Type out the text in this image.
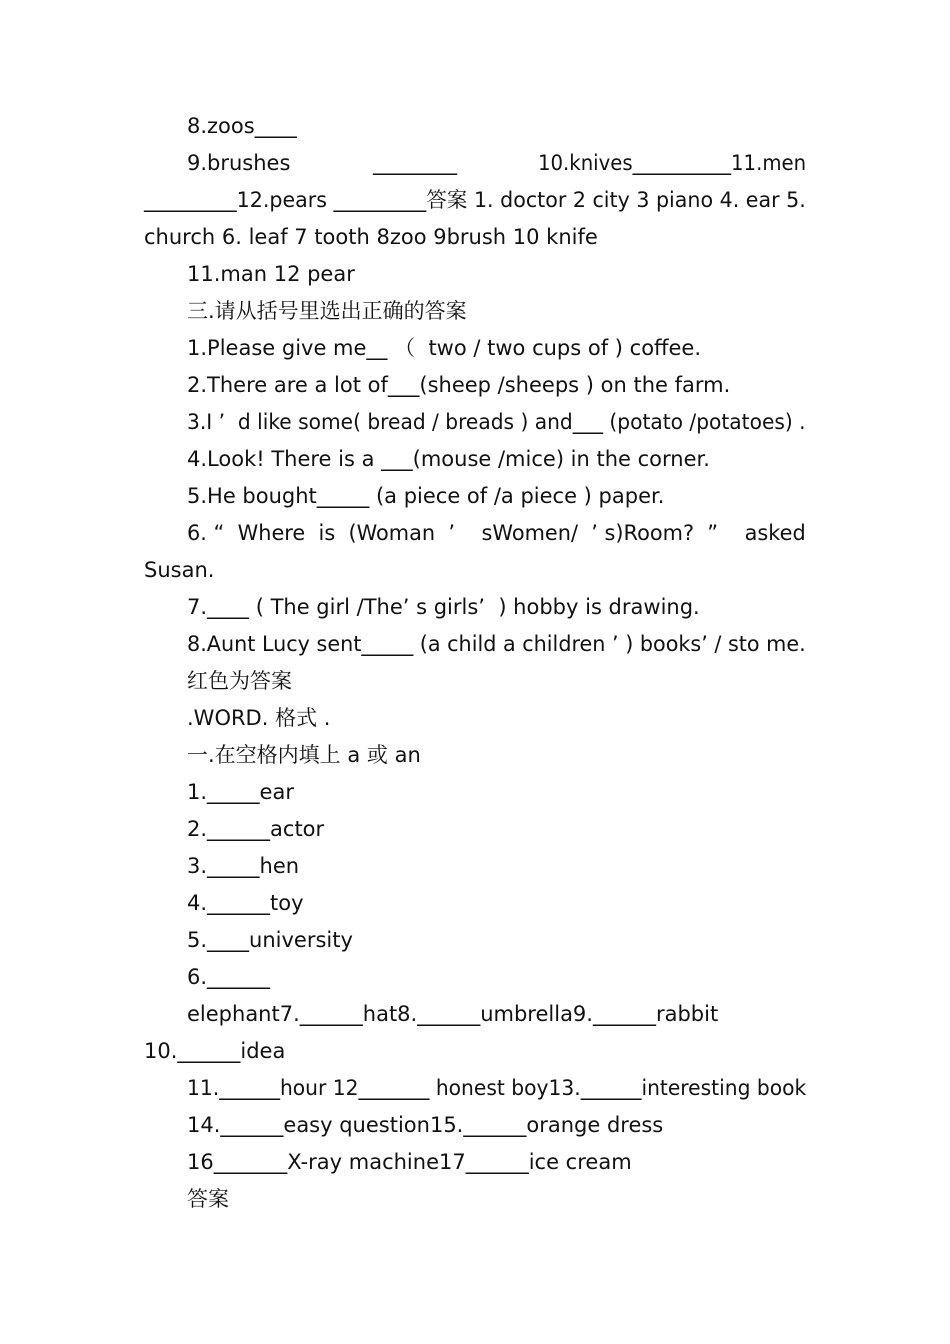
8.zoos____
9.brushes	________	10.knives__________11.men
_________12.pears _________答案 1. doctor 2 city 3 piano 4. ear 5.
church 6. leaf 7 tooth 8zoo 9brush 10 knife
11.man 12 pear
三.请从括号里选出正确的答案
1.Please give me__ （  two / two cups of ) coffee.
2.There are a lot of___(sheep /sheeps ) on the farm.
3.I ’  d like some( bread / breads ) and___ (potato /potatoes) .
4.Look! There is a ___(mouse /mice) in the corner.
5.He bought_____ (a piece of /a piece ) paper.
6. “  Where  is  (Woman  ’    sWomen/  ’ s)Room?  ”    asked
Susan.
7.____ ( The girl /The’ s girls’  ) hobby is drawing.
8.Aunt Lucy sent_____ (a child a children ’ ) books’ / sto me.
红色为答案
.WORD. 格式 .
一.在空格内填上 a 或 an
1._____ear
2.______actor
3._____hen
4.______toy
5.____university
6.______
elephant7.______hat8.______umbrella9.______rabbit
10.______idea
11.______hour 12_______ honest boy13.______interesting book
14.______easy question15.______orange dress
16_______X-ray machine17______ice cream
答案
